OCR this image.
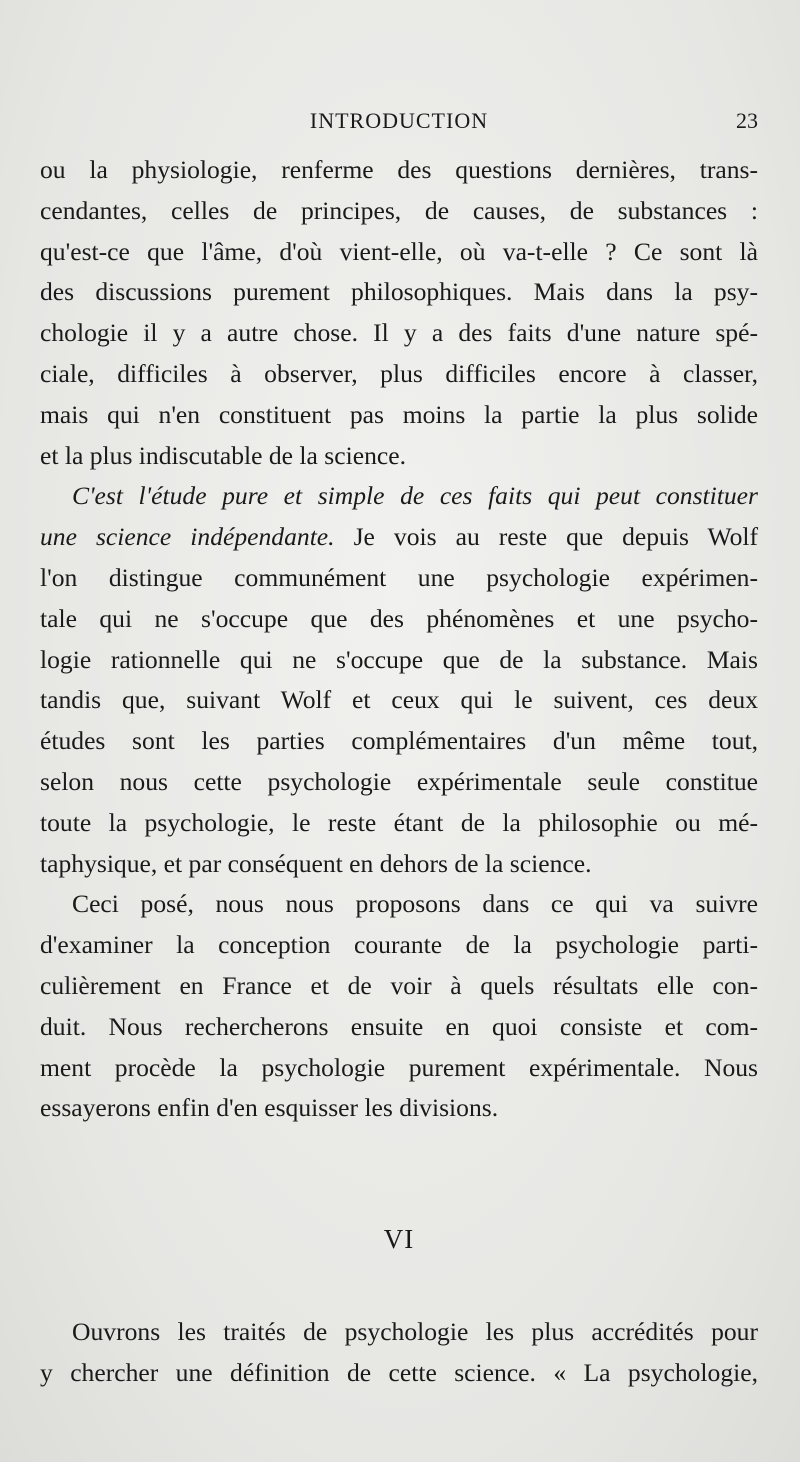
INTRODUCTION	23
ou la physiologie, renferme des questions dernières, trans-
cendantes, celles de principes, de causes, de substances :
qu'est-ce que l'âme, d'où vient-elle, où va-t-elle ? Ce sont là
des discussions purement philosophiques. Mais dans la psy-
chologie il y a autre chose. Il y a des faits d'une nature spé-
ciale, difficiles à observer, plus difficiles encore à classer,
mais qui n'en constituent pas moins la partie la plus solide
et la plus indiscutable de la science.
C'est l'étude pure et simple de ces faits qui peut constituer
une science indépendante. Je vois au reste que depuis Wolf
l'on distingue communément une psychologie expérimen-
tale qui ne s'occupe que des phénomènes et une psycho-
logie rationnelle qui ne s'occupe que de la substance. Mais
tandis que, suivant Wolf et ceux qui le suivent, ces deux
études sont les parties complémentaires d'un même tout,
selon nous cette psychologie expérimentale seule constitue
toute la psychologie, le reste étant de la philosophie ou mé-
taphysique, et par conséquent en dehors de la science.
Ceci posé, nous nous proposons dans ce qui va suivre
d'examiner la conception courante de la psychologie parti-
culièrement en France et de voir à quels résultats elle con-
duit. Nous rechercherons ensuite en quoi consiste et com-
ment procède la psychologie purement expérimentale. Nous
essayerons enfin d'en esquisser les divisions.
VI
Ouvrons les traités de psychologie les plus accrédités pour
y chercher une définition de cette science. « La psychologie,
